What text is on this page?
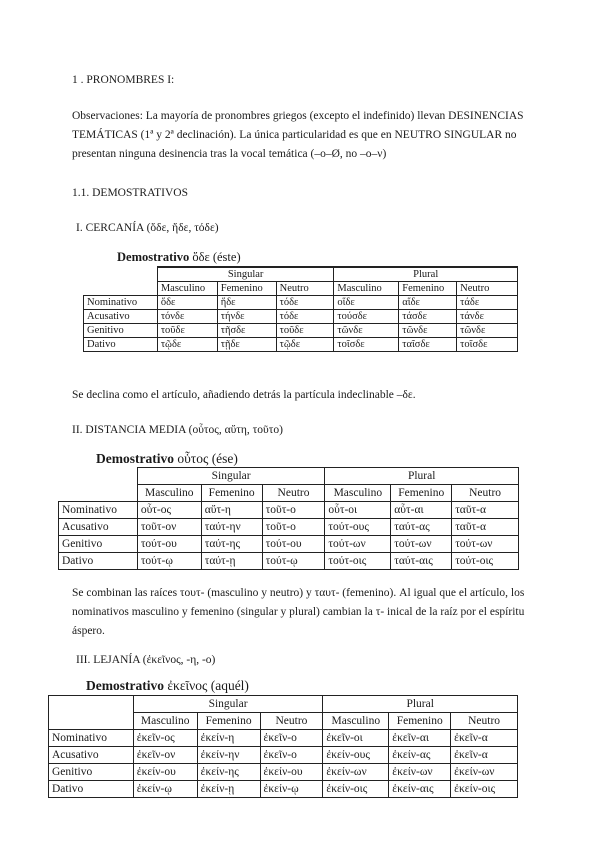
1 . PRONOMBRES I:
Observaciones: La mayoría de pronombres griegos (excepto el indefinido) llevan DESINENCIAS TEMÁTICAS (1ª y 2ª declinación). La única particularidad es que en NEUTRO SINGULAR no presentan ninguna desinencia tras la vocal temática (–ο–Ø, no –ο–ν)
1.1. DEMOSTRATIVOS
I. CERCANÍA (ὅδε, ἥδε, τόδε)
Demostrativo ὅδε (éste)
	Singular			Plural		
	Masculino	Femenino	Neutro	Masculino	Femenino	Neutro
Nominativo	ὅδε	ἥδε	τόδε	οἵδε	αἵδε	τάδε
Acusativo	τόνδε	τήνδε	τόδε	τούσδε	τάσδε	τάνδε
Genitivo	τοῦδε	τῆσδε	τοῦδε	τῶνδε	τῶνδε	τῶνδε
Dativo	τῷδε	τῇδε	τῷδε	τοῖσδε	ταῖσδε	τοῖσδε
Se declina como el artículo, añadiendo detrás la partícula indeclinable –δε.
II. DISTANCIA MEDIA (οὗτος, αὕτη, τοῦτο)
Demostrativo οὗτος (ése)
	Singular			Plural		
	Masculino	Femenino	Neutro	Masculino	Femenino	Neutro
Nominativo	οὗτ-ος	αὕτ-η	τοῦτ-ο	οὗτ-οι	αὗτ-αι	ταῦτ-α
Acusativo	τοῦτ-ον	ταύτ-ην	τοῦτ-ο	τούτ-ους	ταύτ-ας	ταῦτ-α
Genitivo	τούτ-ου	ταύτ-ης	τούτ-ου	τούτ-ων	τούτ-ων	τούτ-ων
Dativo	τούτ-ῳ	ταύτ-ῃ	τούτ-ῳ	τούτ-οις	ταύτ-αις	τούτ-οις
Se combinan las raíces τουτ- (masculino y neutro) y ταυτ- (femenino). Al igual que el artículo, los nominativos masculino y femenino (singular y plural) cambian la τ- inical de la raíz por el espíritu áspero.
III. LEJANÍA (ἐκεῖνος, -η, -ο)
Demostrativo ἐκεῖνος (aquél)
	Singular			Plural		
	Masculino	Femenino	Neutro	Masculino	Femenino	Neutro
Nominativo	ἐκεῖν-ος	ἐκείν-η	ἐκεῖν-ο	ἐκεῖν-οι	ἐκεῖν-αι	ἐκεῖν-α
Acusativo	ἐκεῖν-ον	ἐκείν-ην	ἐκεῖν-ο	ἐκείν-ους	ἐκείν-ας	ἐκεῖν-α
Genitivo	ἐκείν-ου	ἐκείν-ης	ἐκείν-ου	ἐκείν-ων	ἐκείν-ων	ἐκείν-ων
Dativo	ἐκείν-ῳ	ἐκείν-ῃ	ἐκείν-ῳ	ἐκείν-οις	ἐκείν-αις	ἐκείν-οις
